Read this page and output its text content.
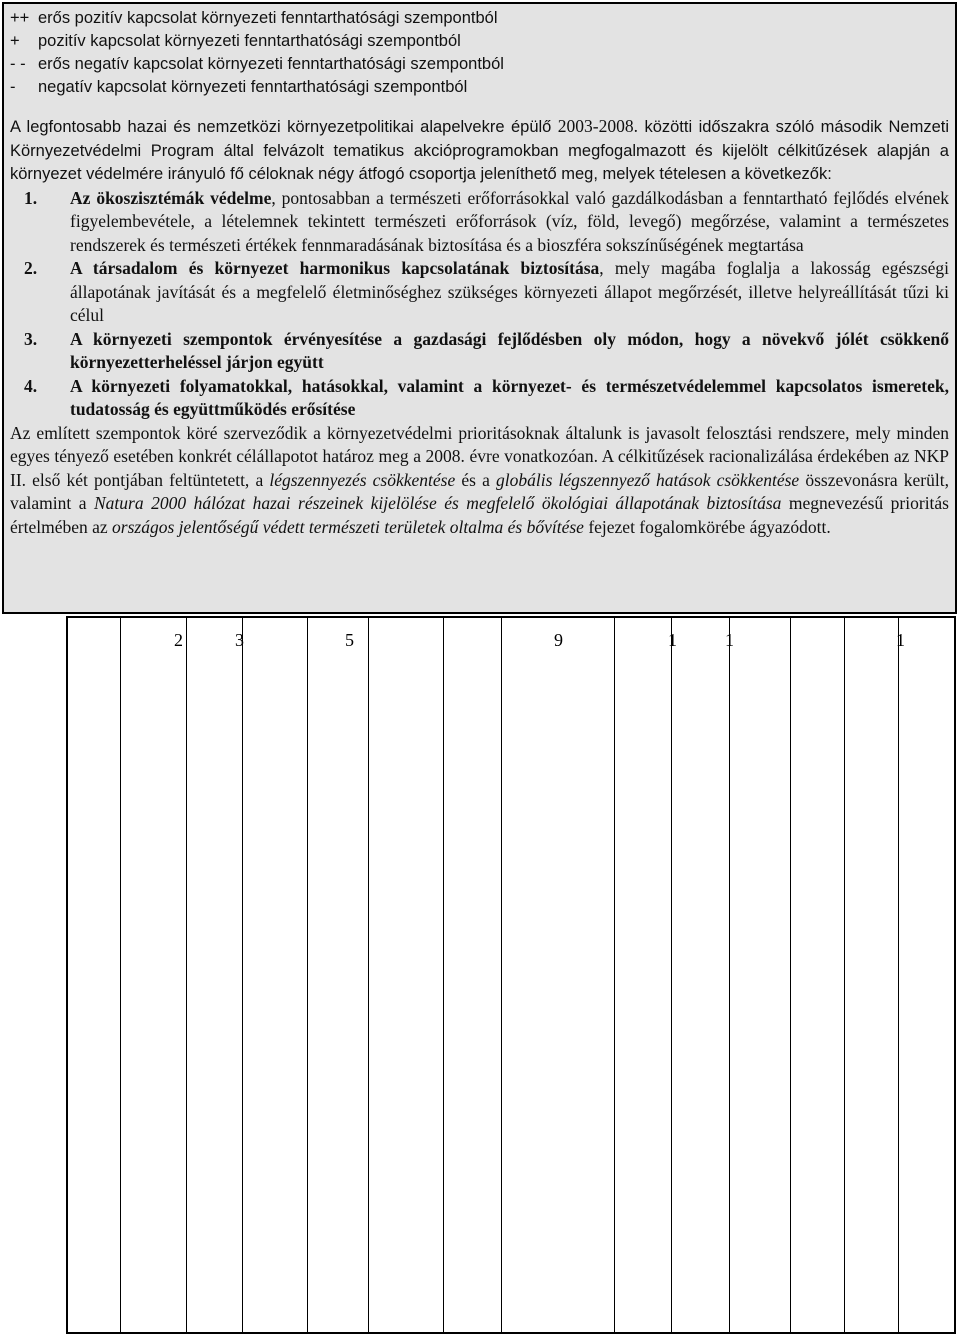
2	3	5	9	1	1	1
++ erős pozitív kapcsolat környezeti fenntarthatósági szempontból
+	pozitív kapcsolat környezeti fenntarthatósági szempontból
- - erős negatív kapcsolat környezeti fenntarthatósági szempontból
-	negatív kapcsolat környezeti fenntarthatósági szempontból
A legfontosabb hazai és nemzetközi környezetpolitikai alapelvekre épülő 2003-2008. közötti időszakra szóló második Nemzeti Környezetvédelmi Program által felvázolt tematikus akcióprogramokban megfogalmazott és kijelölt célkitűzések alapján a környezet védelmére irányuló fő céloknak négy átfogó csoportja jeleníthető meg, melyek tételesen a következők:
1.	Az ökoszisztémák védelme, pontosabban a természeti erőforrásokkal való gazdálkodásban a fenntartható fejlődés elvének figyelembevétele, a lételemnek tekintett természeti erőforrások (víz, föld, levegő) megőrzése, valamint a természetes rendszerek és természeti értékek fennmaradásának biztosítása és a bioszféra sokszínűségének megtartása
2.	A társadalom és környezet harmonikus kapcsolatának biztosítása, mely magába foglalja a lakosság egészségi állapotának javítását és a megfelelő életminőséghez szükséges környezeti állapot megőrzését, illetve helyreállítását tűzi ki célul
3.	A környezeti szempontok érvényesítése a gazdasági fejlődésben oly módon, hogy a növekvő jólét csökkenő környezetterheléssel járjon együtt
4.	A környezeti folyamatokkal, hatásokkal, valamint a környezet- és természetvédelemmel kapcsolatos ismeretek, tudatosság és együttműködés erősítése
Az említett szempontok köré szerveződik a környezetvédelmi prioritásoknak általunk is javasolt felosztási rendszere, mely minden egyes tényező esetében konkrét célállapotot határoz meg a 2008. évre vonatkozóan. A célkitűzések racionalizálása érdekében az NKP II. első két pontjában feltüntetett, a légszennyezés csökkentése és a globális légszennyező hatások csökkentése összevonásra került, valamint a Natura 2000 hálózat hazai részeinek kijelölése és megfelelő ökológiai állapotának biztosítása megnevezésű prioritás értelmében az országos jelentőségű védett természeti területek oltalma és bővítése fejezet fogalomkörébe ágyazódott.
